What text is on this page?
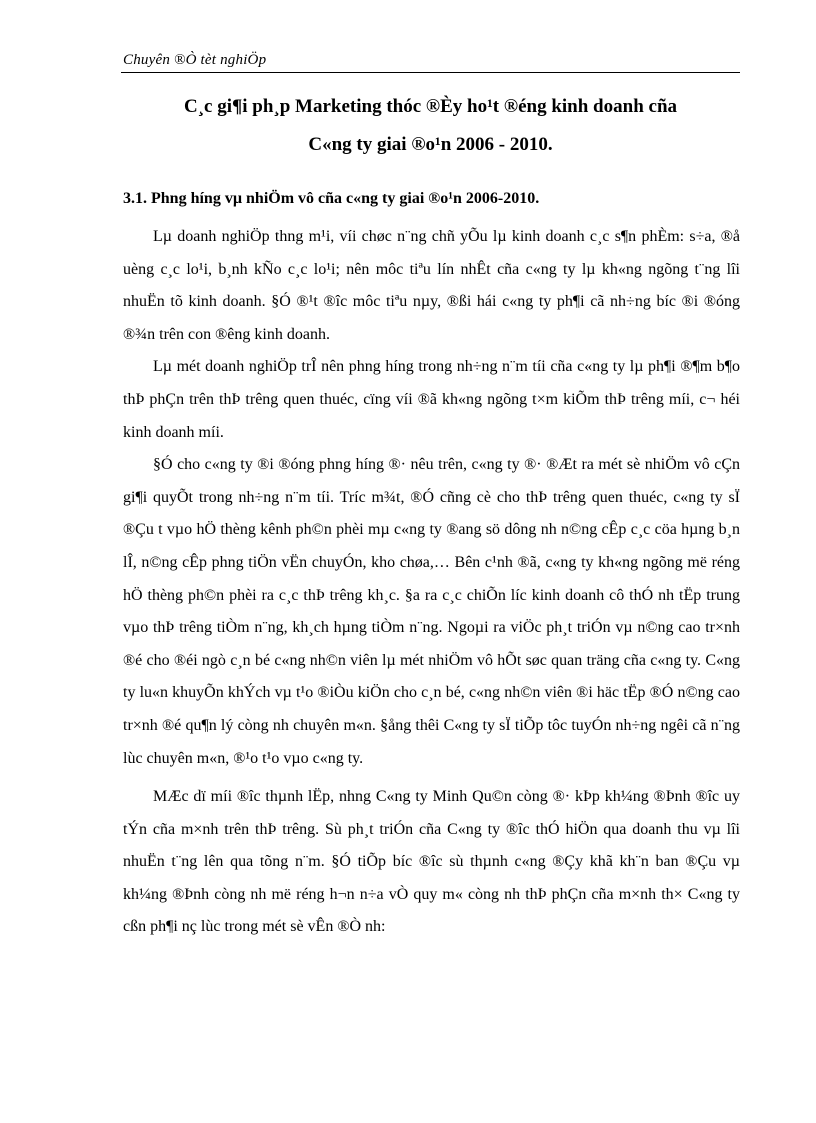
Chuyên ®Ò tèt nghiÖp
C¸c gi¶i ph¸p Marketing thóc ®Èy ho¹t ®éng kinh doanh cña
C«ng ty giai ®o¹n 2006 - 2010.
3.1. Phng híng vµ nhiÖm vô cña c«ng ty giai ®o¹n 2006-2010.

Lµ doanh nghiÖp thng m¹i, víi chøc n¨ng chñ yÕu lµ kinh doanh c¸c s¶n phÈm: s÷a, ®å uèng c¸c lo¹i, b¸nh kÑo c¸c lo¹i; nên môc tiªu lín nhÊt cña c«ng ty lµ kh«ng ngõng t¨ng lîi nhuËn tõ kinh doanh. §Ó ®¹t ®îc môc tiªu nµy, ®ßi hái c«ng ty ph¶i cã nh÷ng bíc ®i ®óng ®¾n trên con ®êng kinh doanh.

Lµ mét doanh nghiÖp trÎ nên phng híng trong nh÷ng n¨m tíi cña c«ng ty lµ ph¶i ®¶m b¶o thÞ phÇn trên thÞ trêng quen thuéc, cïng víi ®ã kh«ng ngõng t×m kiÕm thÞ trêng míi, c¬ héi kinh doanh míi.

§Ó cho c«ng ty ®i ®óng phng híng ®· nêu trên, c«ng ty ®· ®Æt ra mét sè nhiÖm vô cÇn gi¶i quyÕt trong nh÷ng n¨m tíi. Tríc m¾t, ®Ó cñng cè cho thÞ trêng quen thuéc, c«ng ty sÏ ®Çu t vµo hÖ thèng kênh ph©n phèi mµ c«ng ty ®ang sö dông nh n©ng cÊp c¸c cöa hµng b¸n lÎ, n©ng cÊp phng tiÖn vËn chuyÓn, kho chøa,… Bên c¹nh ®ã, c«ng ty kh«ng ngõng më réng hÖ thèng ph©n phèi ra c¸c thÞ trêng kh¸c. §a ra c¸c chiÕn líc kinh doanh cô thÓ nh tËp trung vµo thÞ trêng tiÒm n¨ng, kh¸ch hµng tiÒm n¨ng. Ngoµi ra viÖc ph¸t triÓn vµ n©ng cao tr×nh ®é cho ®éi ngò c¸n bé c«ng nh©n viên lµ mét nhiÖm vô hÕt søc quan träng cña c«ng ty. C«ng ty lu«n khuyÕn khÝch vµ t¹o ®iÒu kiÖn cho c¸n bé, c«ng nh©n viên ®i häc tËp ®Ó n©ng cao tr×nh ®é qu¶n lý còng nh chuyên m«n. §ång thêi C«ng ty sÏ tiÕp tôc tuyÓn nh÷ng ngêi cã n¨ng lùc chuyên m«n, ®¹o t¹o vµo c«ng ty.

MÆc dï míi ®îc thµnh lËp, nhng C«ng ty Minh Qu©n còng ®· kÞp kh¼ng ®Þnh ®îc uy tÝn cña m×nh trên thÞ trêng. Sù ph¸t triÓn cña C«ng ty ®îc thÓ hiÖn qua doanh thu vµ lîi nhuËn t¨ng lên qua tõng n¨m. §Ó tiÕp bíc ®îc sù thµnh c«ng ®Çy khã kh¨n ban ®Çu vµ kh¼ng ®Þnh còng nh më réng h¬n n÷a vÒ quy m« còng nh thÞ phÇn cña m×nh th× C«ng ty cßn ph¶i nç lùc trong mét sè vÊn ®Ò nh:
